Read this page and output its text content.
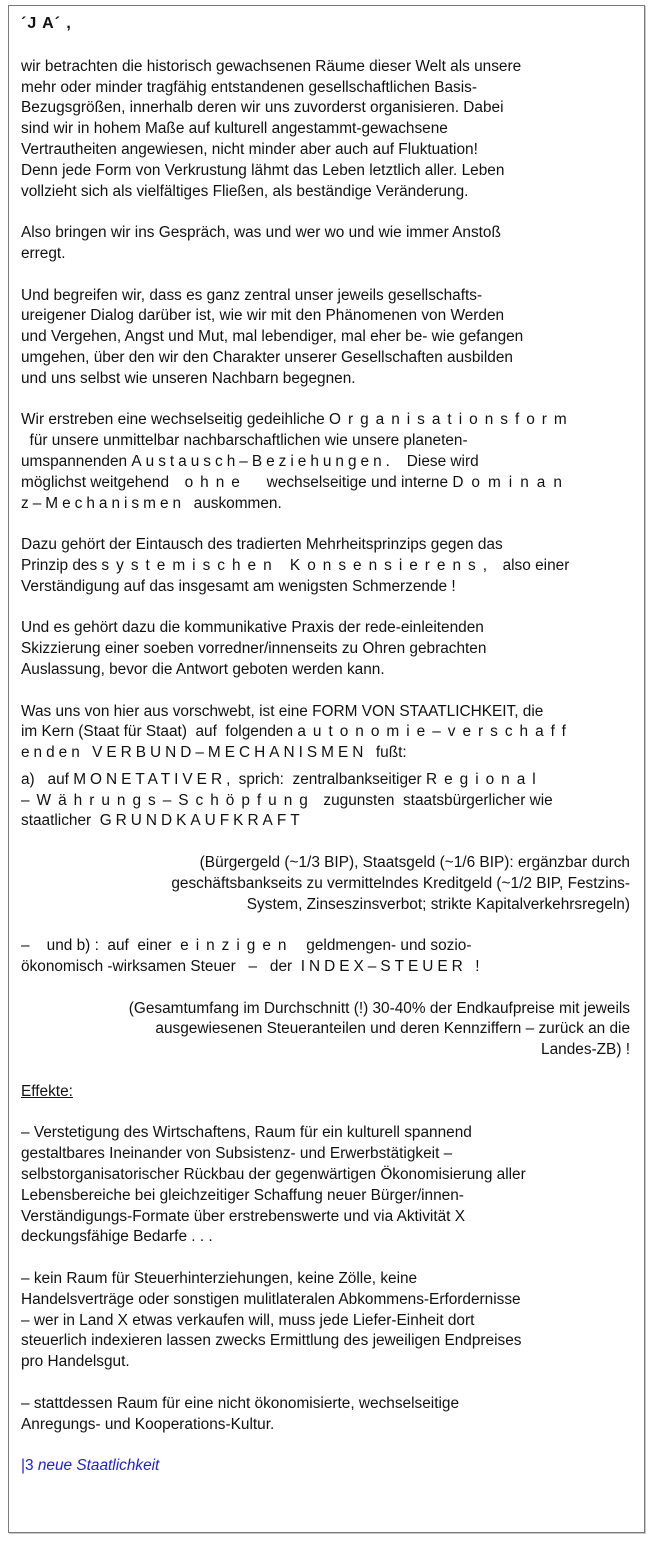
´J A´ ,

wir betrachten die historisch gewachsenen Räume dieser Welt als unsere

mehr oder minder tragfähig entstandenen gesellschaftlichen Basis-

Bezugsgrößen, innerhalb deren wir uns zuvorderst organisieren. Dabei

sind wir in hohem Maße auf kulturell angestammt-gewachsene

Vertrautheiten angewiesen, nicht minder aber auch auf Fluktuation!

Denn jede Form von Verkrustung lähmt das Leben letztlich aller. Leben

vollzieht sich als vielfältiges Fließen, als beständige Veränderung.

Also bringen wir ins Gespräch, was und wer wo und wie immer Anstoß

erregt.

Und begreifen wir, dass es ganz zentral unser jeweils gesellschafts-

ureigener Dialog darüber ist, wie wir mit den Phänomenen von Werden

und Vergehen, Angst und Mut, mal lebendiger, mal eher be- wie gefangen

umgehen, über den wir den Charakter unserer Gesellschaften ausbilden

und uns selbst wie unseren Nachbarn begegnen.

Wir erstreben eine wechselseitig gedeihliche Organisationsform

für unsere unmittelbar nachbarschaftlichen wie unsere planeten-

umspannenden Austausch–Beziehungen.   Diese wird

möglichst weitgehend  ohne   wechselseitige und interne Dominan

z–Mechanismen  auskommen.

Dazu gehört der Eintausch des tradierten Mehrheitsprinzips gegen das

Prinzip des systemischen Konsensierens,  also einer

Verständigung auf das insgesamt am wenigsten Schmerzende !

Und es gehört dazu die kommunikative Praxis der rede-einleitenden

Skizzierung einer soeben vorredner/innenseits zu Ohren gebrachten

Auslassung, bevor die Antwort geboten werden kann.

Was uns von hier aus vorschwebt, ist eine FORM VON STAATLICHKEIT, die

im Kern (Staat für Staat)  auf  folgenden autonomie–verschaff

enden VERBUND–MECHANISMEN  fußt:

a)   auf MONETATIVER, sprich:  zentralbankseitiger Regional

–Währungs–Schöpfung  zugunsten  staatsbürgerlicher wie

staatlicher  GRUNDKAUFKRAFT

(Bürgergeld (~1/3 BIP), Staatsgeld (~1/6 BIP): ergänzbar durch

geschäftsbankseits zu vermittelndes Kreditgeld (~1/2 BIP, Festzins-

System, Zinseszinsverbot; strikte Kapitalverkehrsregeln)

–    und b) :  auf  einer  einzigen   geldmengen- und sozio-

ökonomisch -wirksamen Steuer   –   der  INDEX–STEUER  !

(Gesamtumfang im Durchschnitt (!) 30-40% der Endkaufpreise mit jeweils

ausgewiesenen Steueranteilen und deren Kennziffern – zurück an die

Landes-ZB) !

Effekte:

– Verstetigung des Wirtschaftens, Raum für ein kulturell spannend

gestaltbares Ineinander von Subsistenz- und Erwerbstätigkeit –

selbstorganisatorischer Rückbau der gegenwärtigen Ökonomisierung aller

Lebensbereiche bei gleichzeitiger Schaffung neuer Bürger/innen-

Verständigungs-Formate über erstrebenswerte und via Aktivität X

deckungsfähige Bedarfe . . .

– kein Raum für Steuerhinterziehungen, keine Zölle, keine

Handelsverträge oder sonstigen mulitlateralen Abkommens-Erfordernisse

– wer in Land X etwas verkaufen will, muss jede Liefer-Einheit dort

steuerlich indexieren lassen zwecks Ermittlung des jeweiligen Endpreises

pro Handelsgut.

– stattdessen Raum für eine nicht ökonomisierte, wechselseitige

Anregungs- und Kooperations-Kultur.

|3 neue Staatlichkeit
